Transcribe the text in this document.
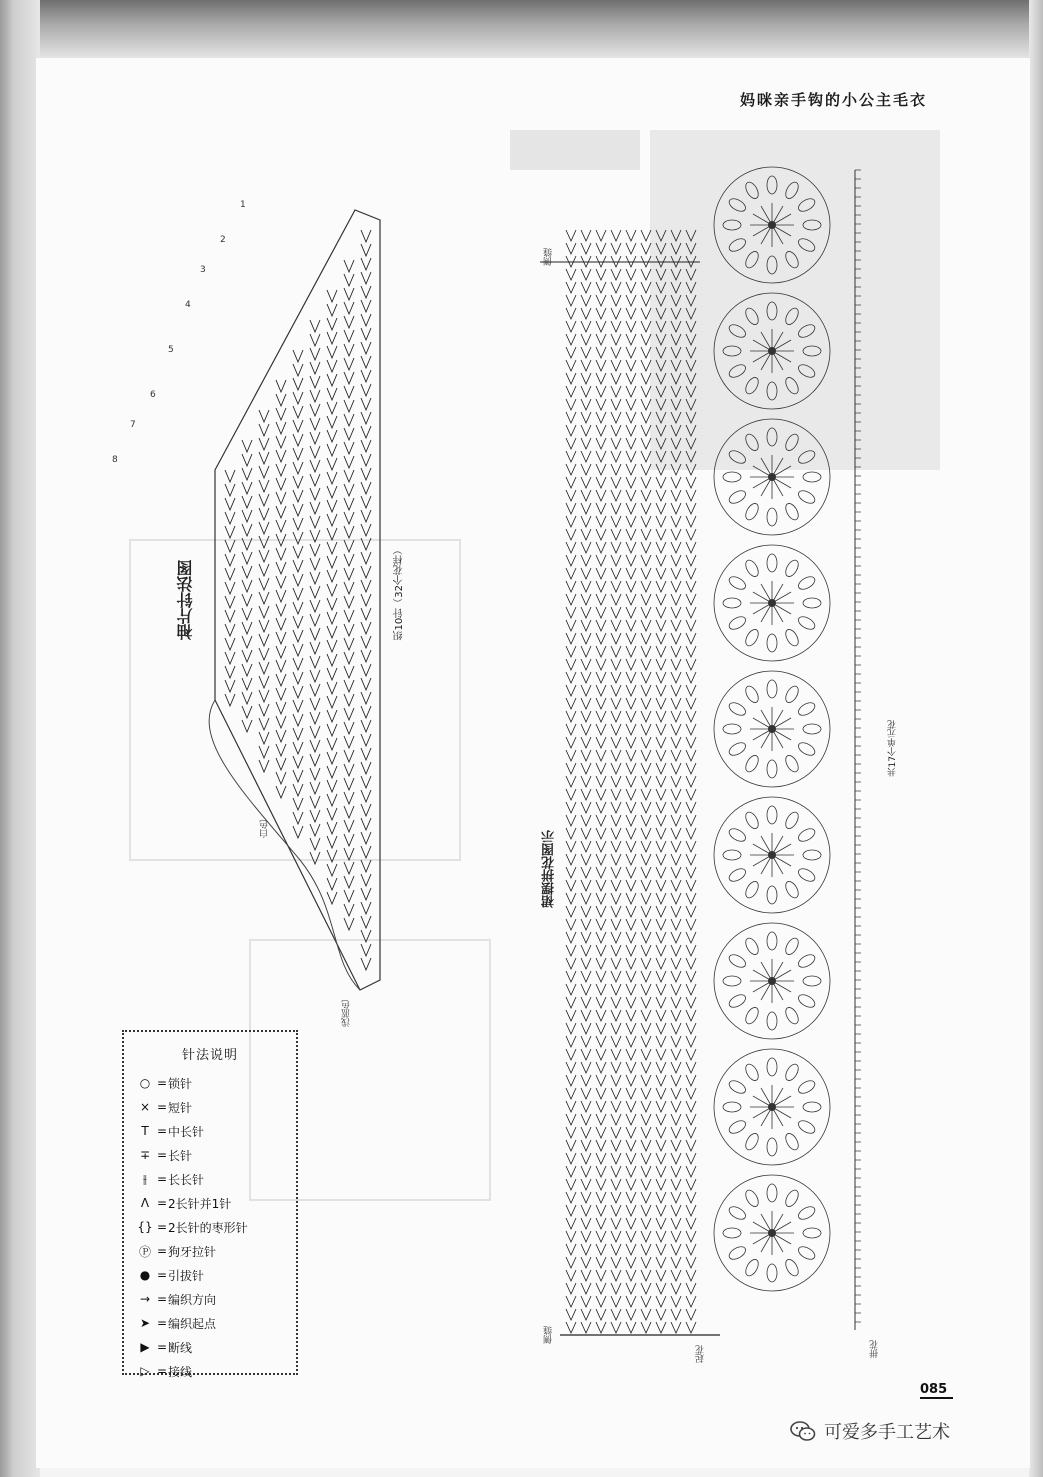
妈咪亲手钩的小公主毛衣
袖片针法图	织10针（32个花样）
裙摆拼花图示
共17个单元花
1
2
3
4
5
6
7
8
白色
浅蓝色
侧缝
侧缝
起花	拼花
针法说明
○ = 锁针
× = 短针
T = 中长针
∓ = 长针
⫲ = 长长针
Λ = 2长针并1针
{} = 2长针的枣形针
Ⓟ = 狗牙拉针
● = 引拔针
→ = 编织方向
➤ = 编织起点
▶ = 断线
▷ = 接线
085
可爱多手工艺术
